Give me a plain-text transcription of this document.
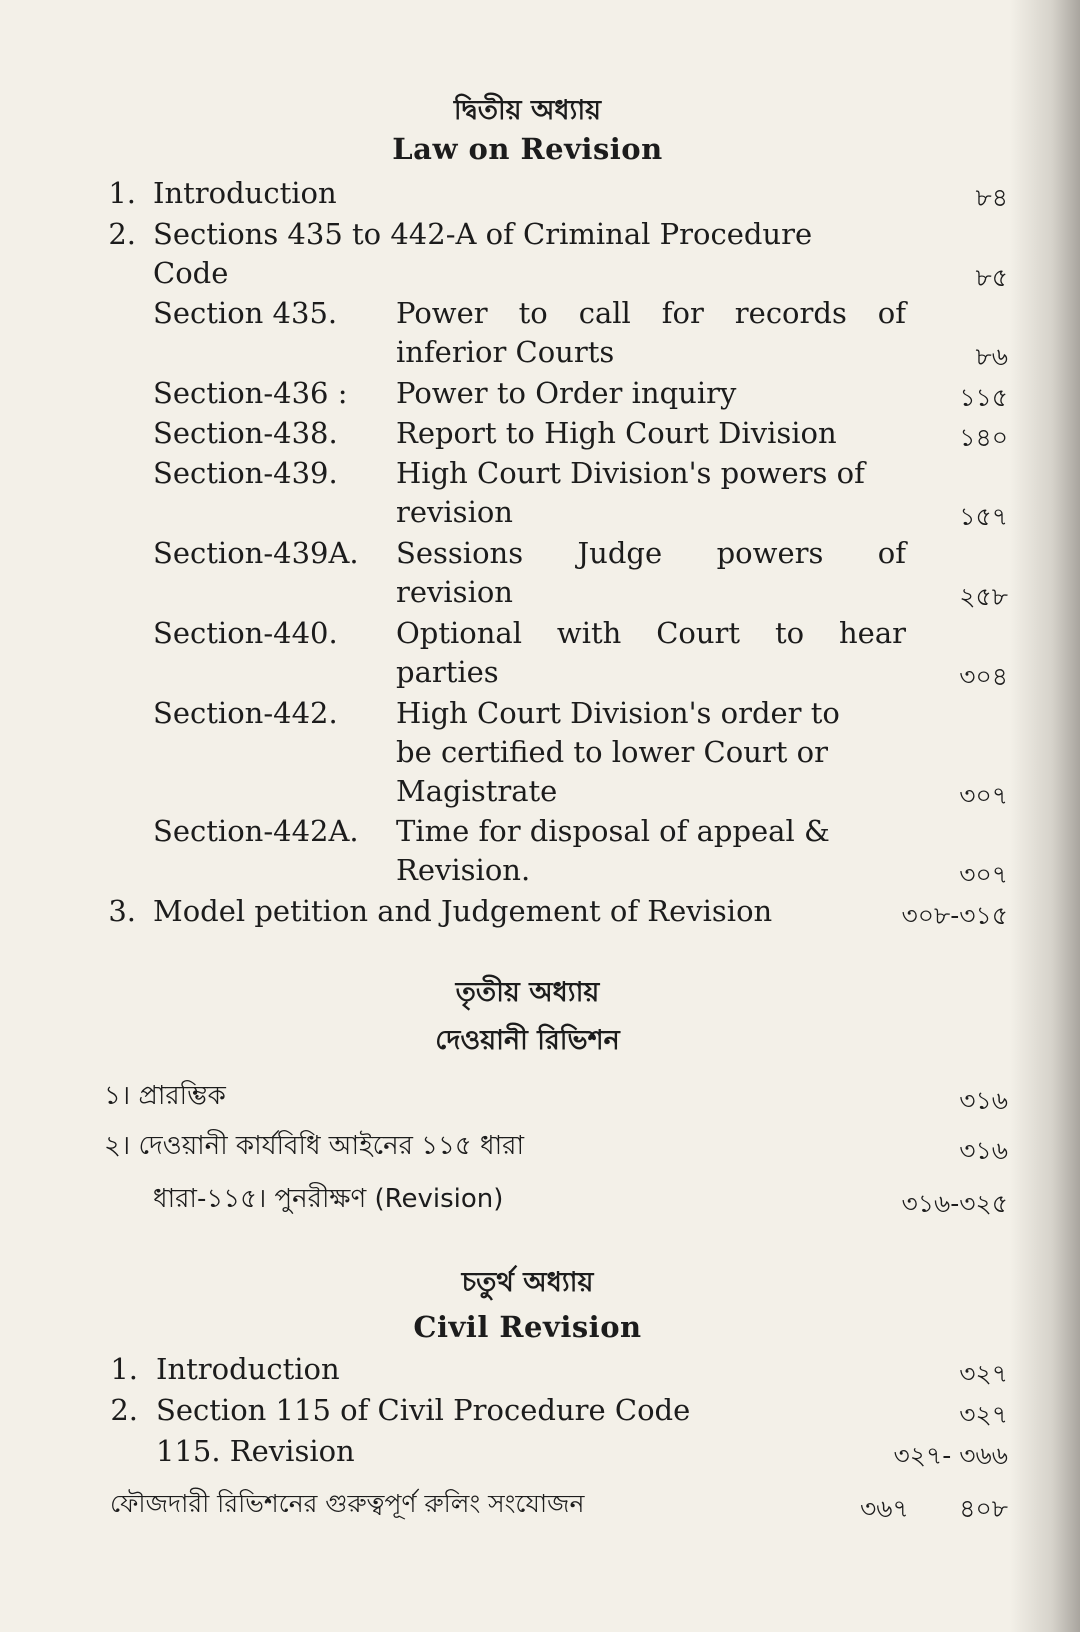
দ্বিতীয় অধ্যায়
Law on Revision
1. Introduction	৮৪
2. Sections 435 to 442-A of Criminal Procedure
Code	৮৫
Section 435. Power to call for records of
inferior Courts	৮৬
Section-436 : Power to Order inquiry	১১৫
Section-438. Report to High Court Division	১৪০
Section-439. High Court Division's powers of
revision	১৫৭
Section-439A. Sessions Judge powers of
revision	২৫৮
Section-440. Optional with Court to hear
parties	৩০৪
Section-442. High Court Division's order to
be certified to lower Court or
Magistrate	৩০৭
Section-442A. Time for disposal of appeal &
Revision.	৩০৭
3. Model petition and Judgement of Revision	৩০৮-৩১৫
তৃতীয় অধ্যায়
দেওয়ানী রিভিশন
১। প্রারম্ভিক	৩১৬
২। দেওয়ানী কার্যবিধি আইনের ১১৫ ধারা	৩১৬
ধারা-১১৫। পুনরীক্ষণ (Revision)	৩১৬-৩২৫
চতুর্থ অধ্যায়
Civil Revision
1. Introduction	৩২৭
2. Section 115 of Civil Procedure Code	৩২৭
115. Revision	৩২৭- ৩৬৬
ফৌজদারী রিভিশনের গুরুত্বপূর্ণ রুলিং সংযোজন	৩৬৭	৪০৮
